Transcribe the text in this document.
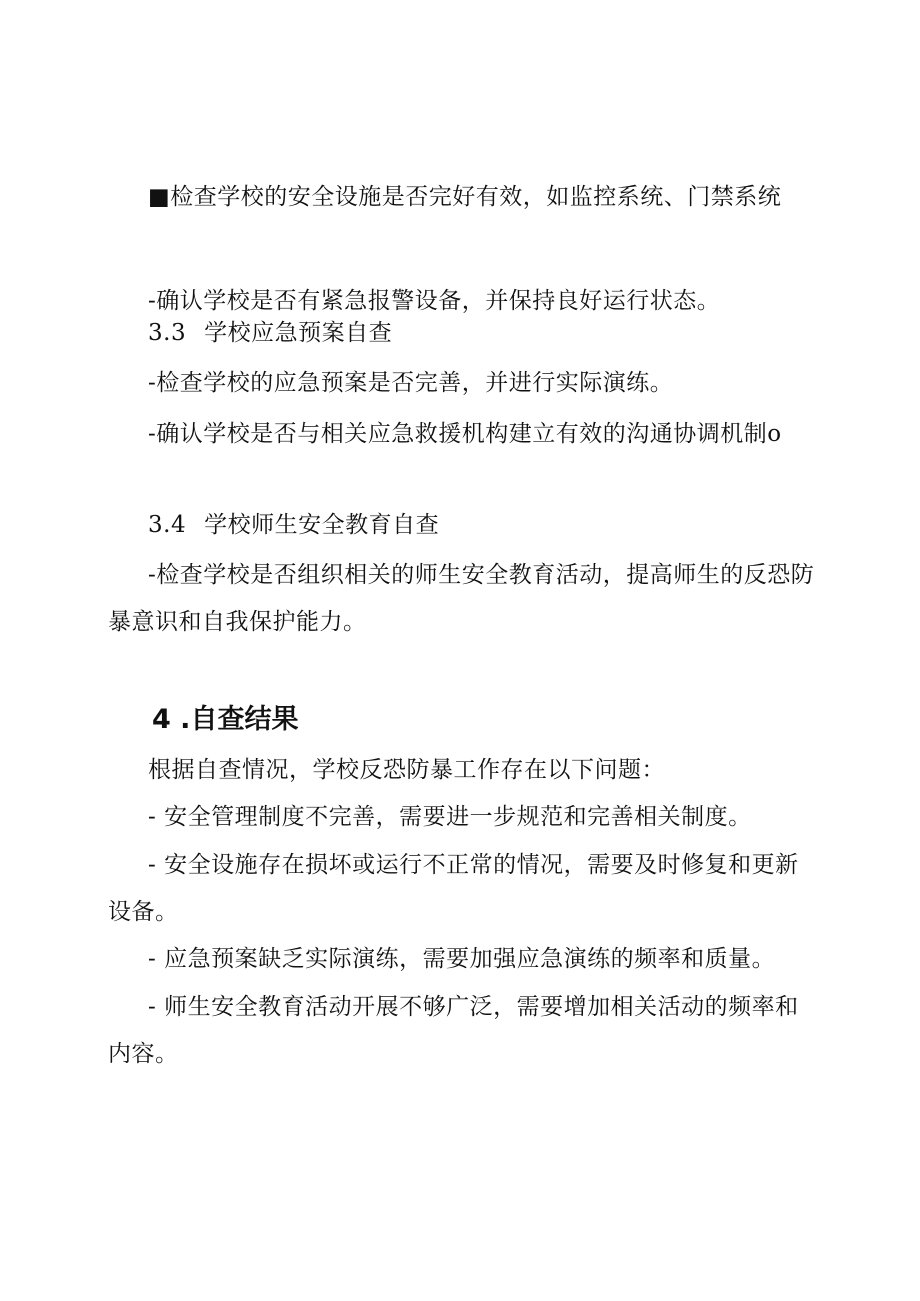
■检查学校的安全设施是否完好有效，如监控系统、门禁系统
-确认学校是否有紧急报警设备，并保持良好运行状态。
3.3 学校应急预案自查
-检查学校的应急预案是否完善，并进行实际演练。
-确认学校是否与相关应急救援机构建立有效的沟通协调机制o
3.4 学校师生安全教育自查
-检查学校是否组织相关的师生安全教育活动，提高师生的反恐防
暴意识和自我保护能力。
4 .自查结果
根据自查情况，学校反恐防暴工作存在以下问题：
- 安全管理制度不完善，需要进一步规范和完善相关制度。
- 安全设施存在损坏或运行不正常的情况，需要及时修复和更新
设备。
- 应急预案缺乏实际演练，需要加强应急演练的频率和质量。
- 师生安全教育活动开展不够广泛，需要增加相关活动的频率和
内容。
